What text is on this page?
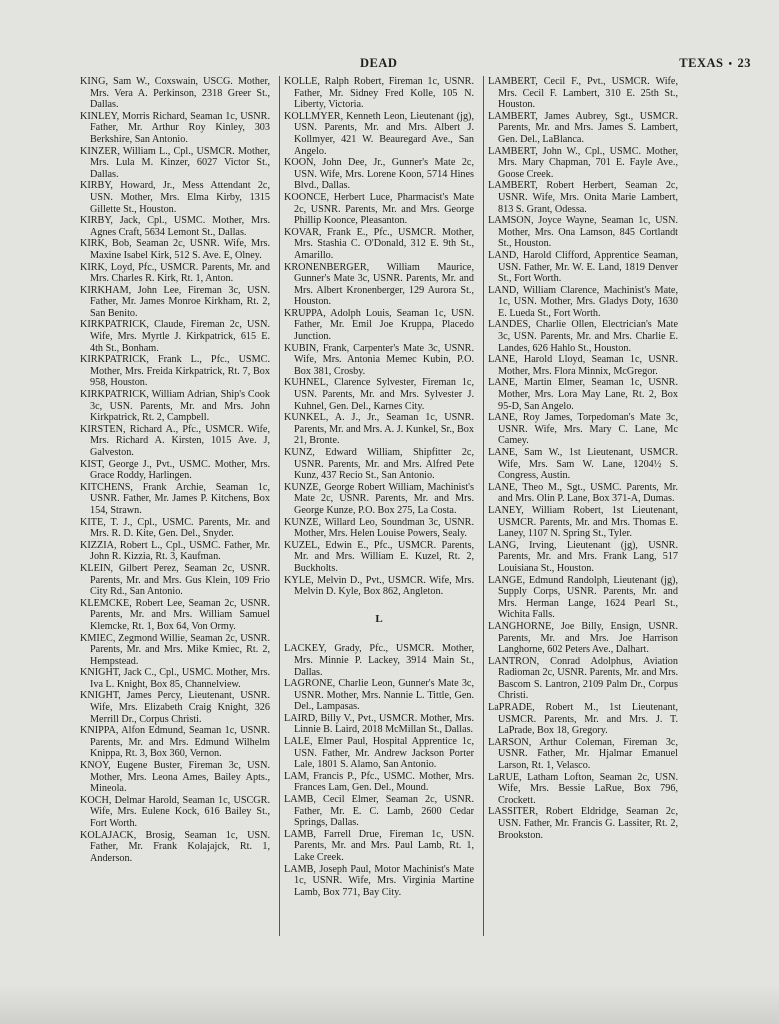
DEAD	TEXAS • 23

KING, Sam W., Coxswain, USCG. Mother, Mrs. Vera A. Perkinson, 2318 Greer St., Dallas.

KINLEY, Morris Richard, Seaman 1c, USNR. Father, Mr. Arthur Roy Kinley, 303 Berkshire, San Antonio.

KINZER, William L., Cpl., USMCR. Mother, Mrs. Lula M. Kinzer, 6027 Victor St., Dallas.

KIRBY, Howard, Jr., Mess Attendant 2c, USN. Mother, Mrs. Elma Kirby, 1315 Gillette St., Houston.

KIRBY, Jack, Cpl., USMC. Mother, Mrs. Agnes Craft, 5634 Lemont St., Dallas.

KIRK, Bob, Seaman 2c, USNR. Wife, Mrs. Maxine Isabel Kirk, 512 S. Ave. E, Olney.

KIRK, Loyd, Pfc., USMCR. Parents, Mr. and Mrs. Charles R. Kirk, Rt. 1, Anton.

KIRKHAM, John Lee, Fireman 3c, USN. Father, Mr. James Monroe Kirkham, Rt. 2, San Benito.

KIRKPATRICK, Claude, Fireman 2c, USN. Wife, Mrs. Myrtle J. Kirkpatrick, 615 E. 4th St., Bonham.

KIRKPATRICK, Frank L., Pfc., USMC. Mother, Mrs. Freida Kirkpatrick, Rt. 7, Box 958, Houston.

KIRKPATRICK, William Adrian, Ship's Cook 3c, USN. Parents, Mr. and Mrs. John Kirkpatrick, Rt. 2, Campbell.

KIRSTEN, Richard A., Pfc., USMCR. Wife, Mrs. Richard A. Kirsten, 1015 Ave. J, Galveston.

KIST, George J., Pvt., USMC. Mother, Mrs. Grace Roddy, Harlingen.

KITCHENS, Frank Archie, Seaman 1c, USNR. Father, Mr. James P. Kitchens, Box 154, Strawn.

KITE, T. J., Cpl., USMC. Parents, Mr. and Mrs. R. D. Kite, Gen. Del., Snyder.

KIZZIA, Robert L., Cpl., USMC. Father, Mr. John R. Kizzia, Rt. 3, Kaufman.

KLEIN, Gilbert Perez, Seaman 2c, USNR. Parents, Mr. and Mrs. Gus Klein, 109 Frio City Rd., San Antonio.

KLEMCKE, Robert Lee, Seaman 2c, USNR. Parents, Mr. and Mrs. William Samuel Klemcke, Rt. 1, Box 64, Von Ormy.

KMIEC, Zegmond Willie, Seaman 2c, USNR. Parents, Mr. and Mrs. Mike Kmiec, Rt. 2, Hempstead.

KNIGHT, Jack C., Cpl., USMC. Mother, Mrs. Iva L. Knight, Box 85, Channelview.

KNIGHT, James Percy, Lieutenant, USNR. Wife, Mrs. Elizabeth Craig Knight, 326 Merrill Dr., Corpus Christi.

KNIPPA, Alfon Edmund, Seaman 1c, USNR. Parents, Mr. and Mrs. Edmund Wilhelm Knippa, Rt. 3, Box 360, Vernon.

KNOY, Eugene Buster, Fireman 3c, USN. Mother, Mrs. Leona Ames, Bailey Apts., Mineola.

KOCH, Delmar Harold, Seaman 1c, USCGR. Wife, Mrs. Eulene Kock, 616 Bailey St., Fort Worth.

KOLAJACK, Brosig, Seaman 1c, USN. Father, Mr. Frank Kolajajck, Rt. 1, Anderson.

KOLLE, Ralph Robert, Fireman 1c, USNR. Father, Mr. Sidney Fred Kolle, 105 N. Liberty, Victoria.

KOLLMYER, Kenneth Leon, Lieutenant (jg), USN. Parents, Mr. and Mrs. Albert J. Kollmyer, 421 W. Beauregard Ave., San Angelo.

KOON, John Dee, Jr., Gunner's Mate 2c, USN. Wife, Mrs. Lorene Koon, 5714 Hines Blvd., Dallas.

KOONCE, Herbert Luce, Pharmacist's Mate 2c, USNR. Parents, Mr. and Mrs. George Phillip Koonce, Pleasanton.

KOVAR, Frank E., Pfc., USMCR. Mother, Mrs. Stashia C. O'Donald, 312 E. 9th St., Amarillo.

KRONENBERGER, William Maurice, Gunner's Mate 3c, USNR. Parents, Mr. and Mrs. Albert Kronenberger, 129 Aurora St., Houston.

KRUPPA, Adolph Louis, Seaman 1c, USN. Father, Mr. Emil Joe Kruppa, Placedo Junction.

KUBIN, Frank, Carpenter's Mate 3c, USNR. Wife, Mrs. Antonia Memec Kubin, P.O. Box 381, Crosby.

KUHNEL, Clarence Sylvester, Fireman 1c, USN. Parents, Mr. and Mrs. Sylvester J. Kuhnel, Gen. Del., Karnes City.

KUNKEL, A. J., Jr., Seaman 1c, USNR. Parents, Mr. and Mrs. A. J. Kunkel, Sr., Box 21, Bronte.

KUNZ, Edward William, Shipfitter 2c, USNR. Parents, Mr. and Mrs. Alfred Pete Kunz, 437 Recio St., San Antonio.

KUNZE, George Robert William, Machinist's Mate 2c, USNR. Parents, Mr. and Mrs. George Kunze, P.O. Box 275, La Costa.

KUNZE, Willard Leo, Soundman 3c, USNR. Mother, Mrs. Helen Louise Powers, Sealy.

KUZEL, Edwin E., Pfc., USMCR. Parents, Mr. and Mrs. William E. Kuzel, Rt. 2, Buckholts.

KYLE, Melvin D., Pvt., USMCR. Wife, Mrs. Melvin D. Kyle, Box 862, Angleton.

L

LACKEY, Grady, Pfc., USMCR. Mother, Mrs. Minnie P. Lackey, 3914 Main St., Dallas.

LAGRONE, Charlie Leon, Gunner's Mate 3c, USNR. Mother, Mrs. Nannie L. Tittle, Gen. Del., Lampasas.

LAIRD, Billy V., Pvt., USMCR. Mother, Mrs. Linnie B. Laird, 2018 McMillan St., Dallas.

LALE, Elmer Paul, Hospital Apprentice 1c, USN. Father, Mr. Andrew Jackson Porter Lale, 1801 S. Alamo, San Antonio.

LAM, Francis P., Pfc., USMC. Mother, Mrs. Frances Lam, Gen. Del., Mound.

LAMB, Cecil Elmer, Seaman 2c, USNR. Father, Mr. E. C. Lamb, 2600 Cedar Springs, Dallas.

LAMB, Farrell Drue, Fireman 1c, USN. Parents, Mr. and Mrs. Paul Lamb, Rt. 1, Lake Creek.

LAMB, Joseph Paul, Motor Machinist's Mate 1c, USNR. Wife, Mrs. Virginia Martine Lamb, Box 771, Bay City.

LAMBERT, Cecil F., Pvt., USMCR. Wife, Mrs. Cecil F. Lambert, 310 E. 25th St., Houston.

LAMBERT, James Aubrey, Sgt., USMCR. Parents, Mr. and Mrs. James S. Lambert, Gen. Del., LaBlanca.

LAMBERT, John W., Cpl., USMC. Mother, Mrs. Mary Chapman, 701 E. Fayle Ave., Goose Creek.

LAMBERT, Robert Herbert, Seaman 2c, USNR. Wife, Mrs. Onita Marie Lambert, 813 S. Grant, Odessa.

LAMSON, Joyce Wayne, Seaman 1c, USN. Mother, Mrs. Ona Lamson, 845 Cortlandt St., Houston.

LAND, Harold Clifford, Apprentice Seaman, USN. Father, Mr. W. E. Land, 1819 Denver St., Fort Worth.

LAND, William Clarence, Machinist's Mate, 1c, USN. Mother, Mrs. Gladys Doty, 1630 E. Lueda St., Fort Worth.

LANDES, Charlie Ollen, Electrician's Mate 3c, USN. Parents, Mr. and Mrs. Charlie E. Landes, 626 Hahlo St., Houston.

LANE, Harold Lloyd, Seaman 1c, USNR. Mother, Mrs. Flora Minnix, McGregor.

LANE, Martin Elmer, Seaman 1c, USNR. Mother, Mrs. Lora May Lane, Rt. 2, Box 95-D, San Angelo.

LANE, Roy James, Torpedoman's Mate 3c, USNR. Wife, Mrs. Mary C. Lane, Mc Camey.

LANE, Sam W., 1st Lieutenant, USMCR. Wife, Mrs. Sam W. Lane, 1204½ S. Congress, Austin.

LANE, Theo M., Sgt., USMC. Parents, Mr. and Mrs. Olin P. Lane, Box 371-A, Dumas.

LANEY, William Robert, 1st Lieutenant, USMCR. Parents, Mr. and Mrs. Thomas E. Laney, 1107 N. Spring St., Tyler.

LANG, Irving, Lieutenant (jg), USNR. Parents, Mr. and Mrs. Frank Lang, 517 Louisiana St., Houston.

LANGE, Edmund Randolph, Lieutenant (jg), Supply Corps, USNR. Parents, Mr. and Mrs. Herman Lange, 1624 Pearl St., Wichita Falls.

LANGHORNE, Joe Billy, Ensign, USNR. Parents, Mr. and Mrs. Joe Harrison Langhorne, 602 Peters Ave., Dalhart.

LANTRON, Conrad Adolphus, Aviation Radioman 2c, USNR. Parents, Mr. and Mrs. Bascom S. Lantron, 2109 Palm Dr., Corpus Christi.

LaPRADE, Robert M., 1st Lieutenant, USMCR. Parents, Mr. and Mrs. J. T. LaPrade, Box 18, Gregory.

LARSON, Arthur Coleman, Fireman 3c, USNR. Father, Mr. Hjalmar Emanuel Larson, Rt. 1, Velasco.

LaRUE, Latham Lofton, Seaman 2c, USN. Wife, Mrs. Bessie LaRue, Box 796, Crockett.

LASSITER, Robert Eldridge, Seaman 2c, USN. Father, Mr. Francis G. Lassiter, Rt. 2, Brookston.
